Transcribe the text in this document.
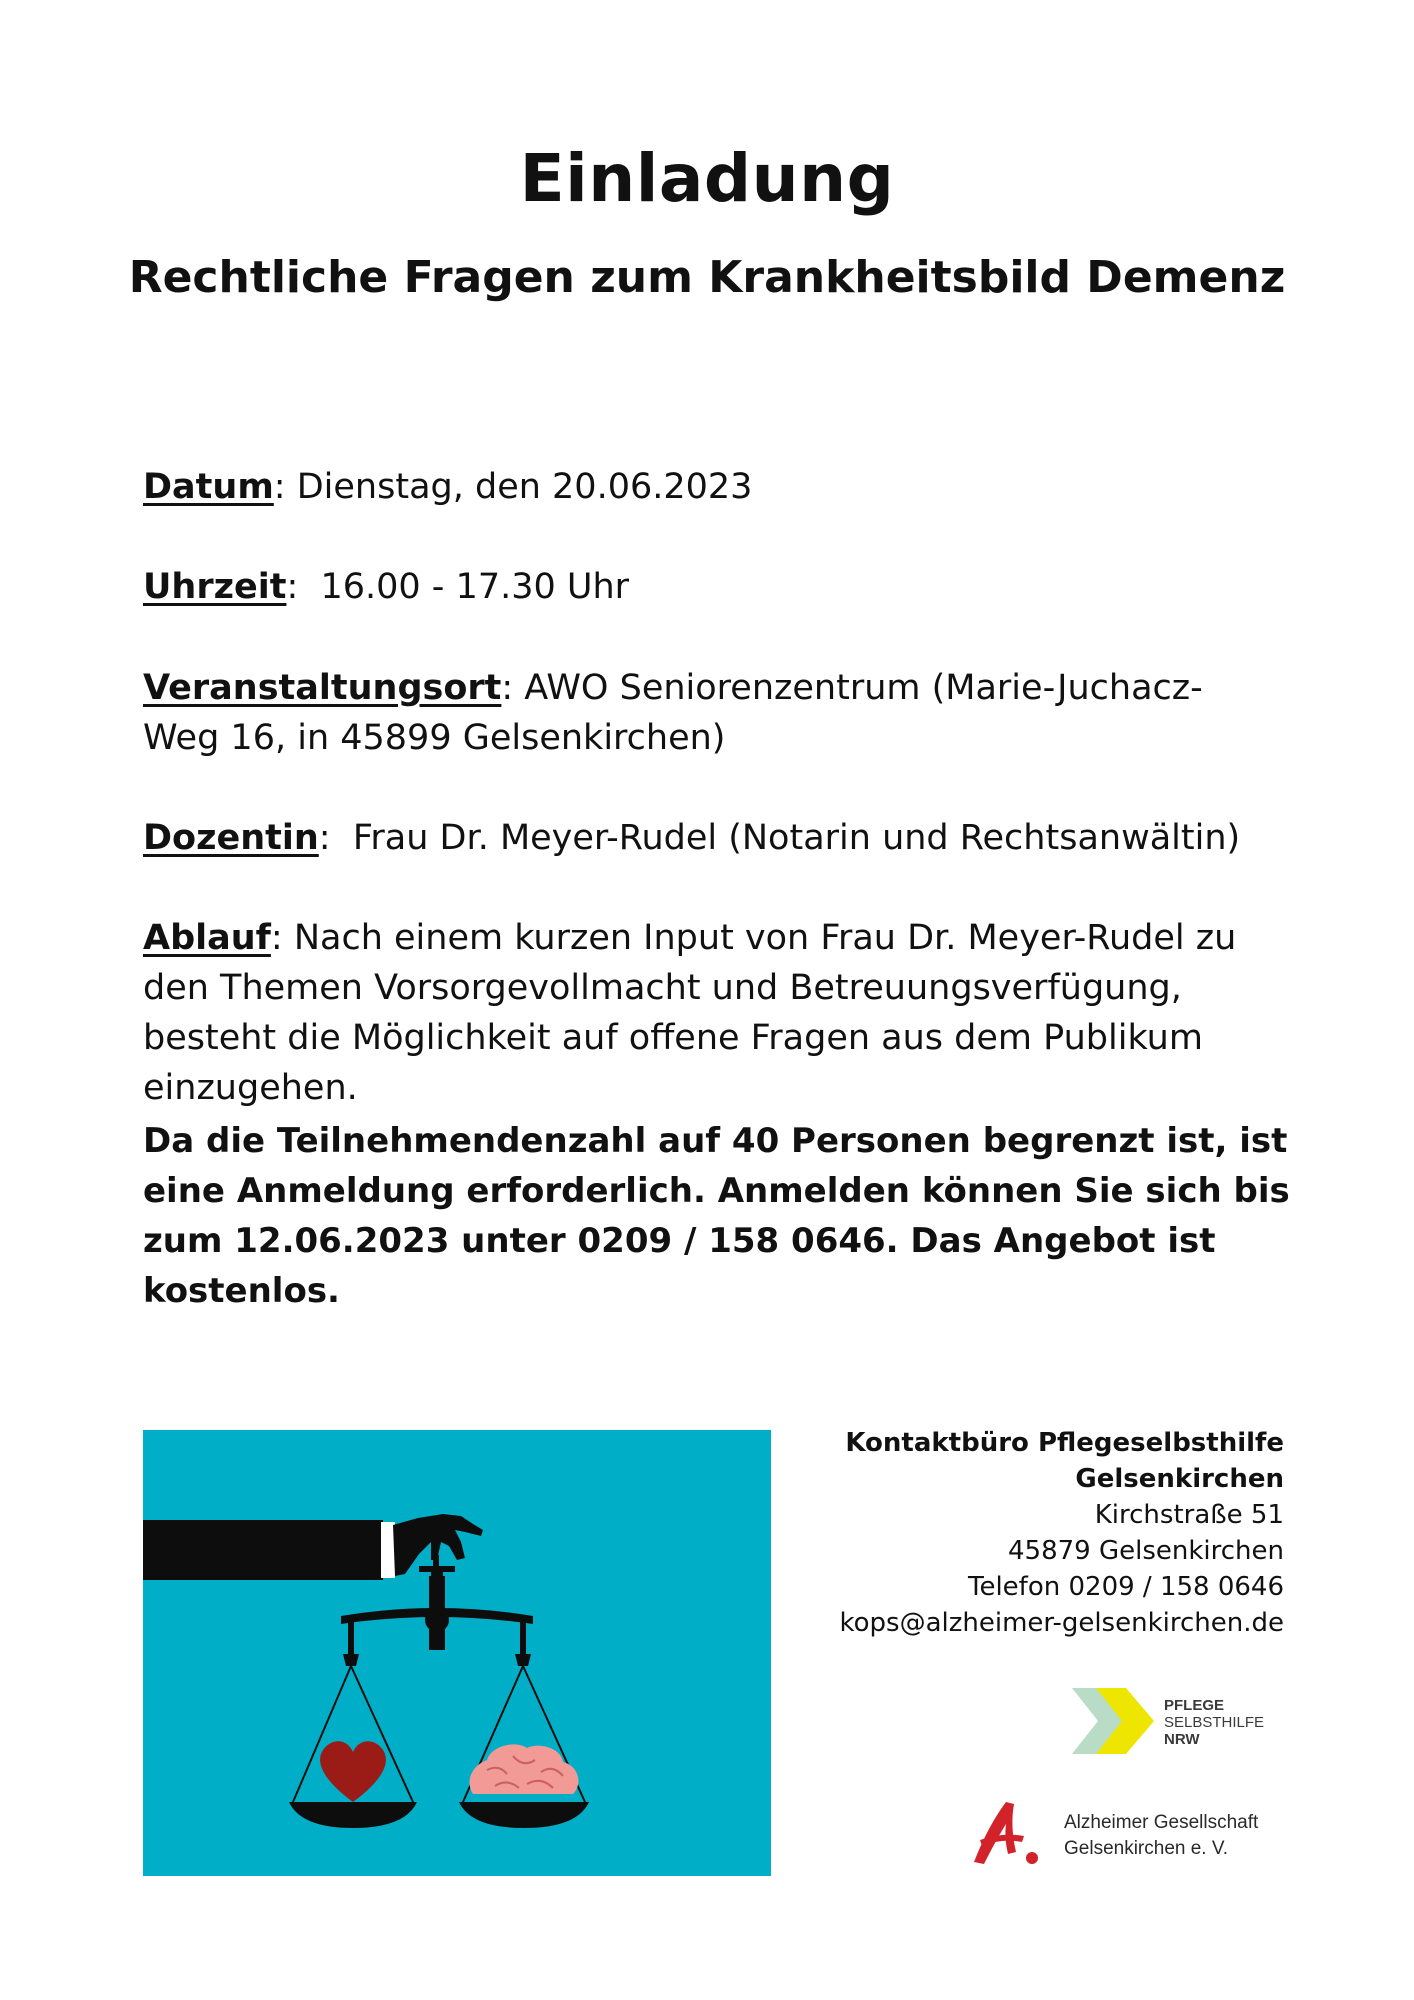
Einladung
Rechtliche Fragen zum Krankheitsbild Demenz
Datum: Dienstag, den 20.06.2023
Uhrzeit:  16.00 - 17.30 Uhr
Veranstaltungsort: AWO Seniorenzentrum (Marie-Juchacz-Weg 16, in 45899 Gelsenkirchen)
Dozentin:  Frau Dr. Meyer-Rudel (Notarin und Rechtsanwältin)
Ablauf: Nach einem kurzen Input von Frau Dr. Meyer-Rudel zu den Themen Vorsorgevollmacht und Betreuungsverfügung, besteht die Möglichkeit auf offene Fragen aus dem Publikum einzugehen.
Da die Teilnehmendenzahl auf 40 Personen begrenzt ist, ist eine Anmeldung erforderlich. Anmelden können Sie sich bis  zum 12.06.2023 unter 0209 / 158 0646. Das Angebot ist kostenlos.
Kontaktbüro Pflegeselbsthilfe
Gelsenkirchen
Kirchstraße 51
45879 Gelsenkirchen
Telefon 0209 / 158 0646
kops@alzheimer-gelsenkirchen.de
PFLEGE
SELBSTHILFE
NRW
Alzheimer Gesellschaft
Gelsenkirchen e. V.
